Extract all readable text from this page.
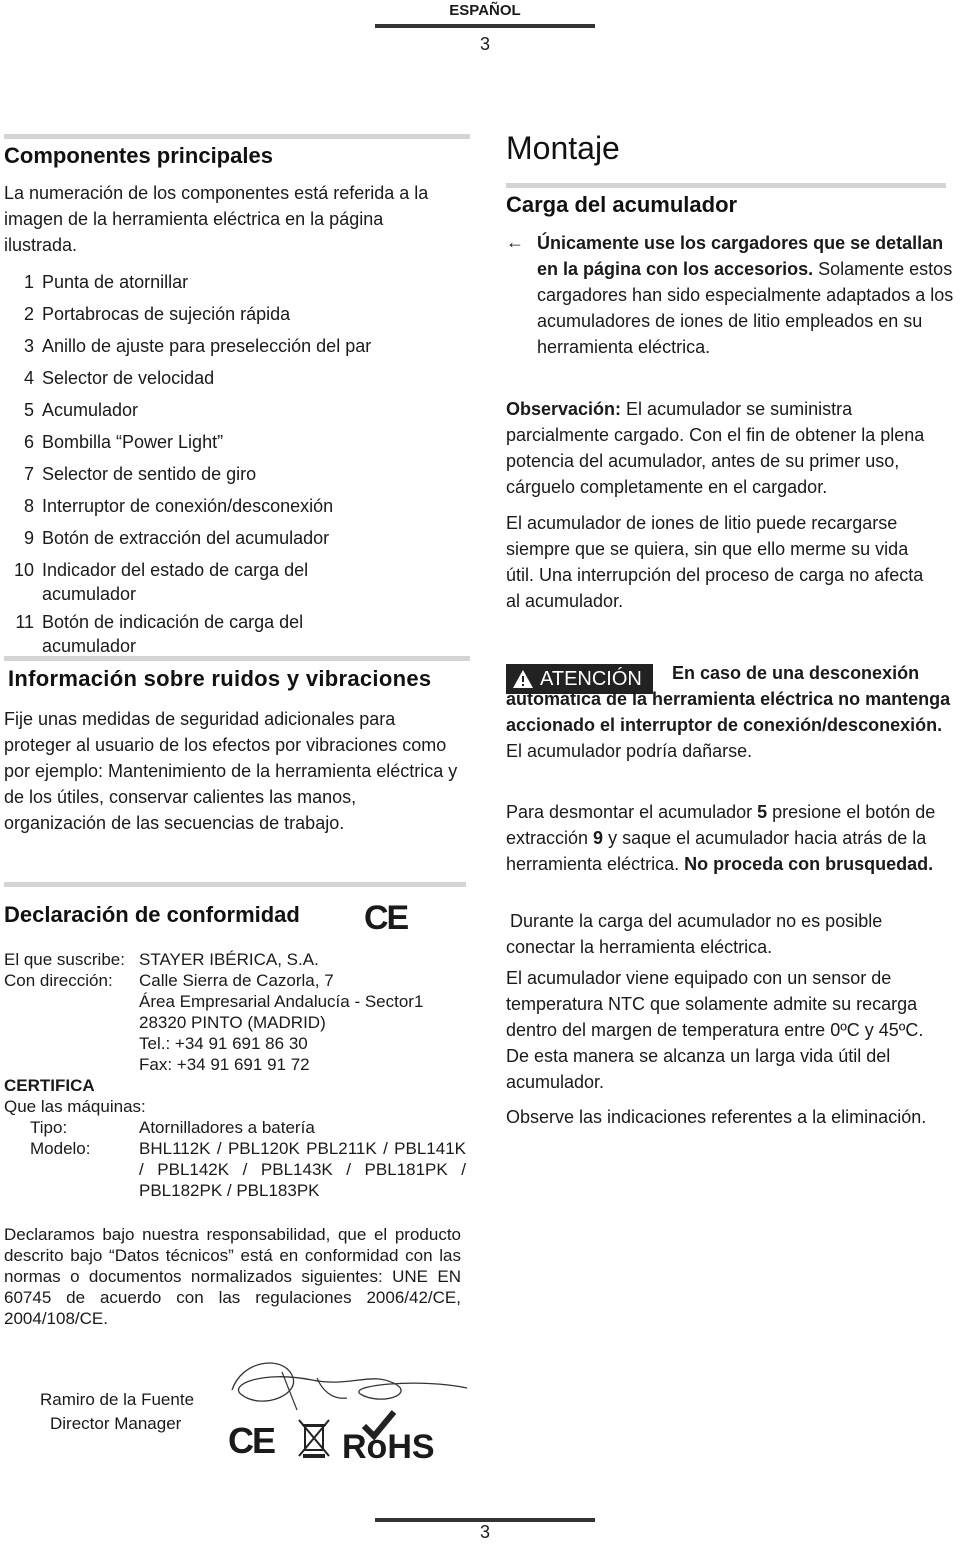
ESPAÑOL
3
Componentes principales
La numeración de los componentes está referida a la imagen de la herramienta eléctrica en la página ilustrada.
1 Punta de atornillar
2 Portabrocas de sujeción rápida
3 Anillo de ajuste para preselección del par
4 Selector de velocidad
5 Acumulador
6 Bombilla “Power Light”
7 Selector de sentido de giro
8 Interruptor de conexión/desconexión
9 Botón de extracción del acumulador
10 Indicador del estado de carga del acumulador
11 Botón de indicación de carga del acumulador
Información sobre ruidos y vibraciones
Fije unas medidas de seguridad adicionales para proteger al usuario de los efectos por vibraciones como por ejemplo: Mantenimiento de la herramienta eléctrica y de los útiles, conservar calientes las manos, organización de las secuencias de trabajo.
Declaración de conformidad CE
El que suscribe: STAYER IBÉRICA, S.A.
Con dirección:	Calle Sierra de Cazorla, 7
Área Empresarial Andalucía - Sector1
28320 PINTO (MADRID)
Tel.: +34 91 691 86 30
Fax: +34 91 691 91 72
CERTIFICA
Que las máquinas:
Tipo:	Atornilladores a batería
Modelo:	BHL112K / PBL120K PBL211K / PBL141K / PBL142K / PBL143K / PBL181PK / PBL182PK / PBL183PK
Declaramos bajo nuestra responsabilidad, que el producto descrito bajo “Datos técnicos” está en conformidad con las normas o documentos normalizados siguientes: UNE EN 60745 de acuerdo con las regulaciones 2006/42/CE, 2004/108/CE.
Ramiro de la Fuente
Director Manager CE RoHS
Montaje
Carga del acumulador
← Únicamente use los cargadores que se detallan en la página con los accesorios. Solamente estos cargadores han sido especialmente adaptados a los acumuladores de iones de litio empleados en su herramienta eléctrica.
Observación: El acumulador se suministra parcialmente cargado. Con el fin de obtener la plena potencia del acumulador, antes de su primer uso, cárguelo completamente en el cargador.
El acumulador de iones de litio puede recargarse siempre que se quiera, sin que ello merme su vida útil. Una interrupción del proceso de carga no afecta al acumulador.
ATENCIÓN	En caso de una desconexión automática de la herramienta eléctrica no mantenga accionado el interruptor de conexión/desconexión. El acumulador podría dañarse.
Para desmontar el acumulador 5 presione el botón de extracción 9 y saque el acumulador hacia atrás de la herramienta eléctrica. No proceda con brusquedad.
Durante la carga del acumulador no es posible conectar la herramienta eléctrica.
El acumulador viene equipado con un sensor de temperatura NTC que solamente admite su recarga dentro del margen de temperatura entre 0ºC y 45ºC. De esta manera se alcanza un larga vida útil del acumulador.
Observe las indicaciones referentes a la eliminación.
3
